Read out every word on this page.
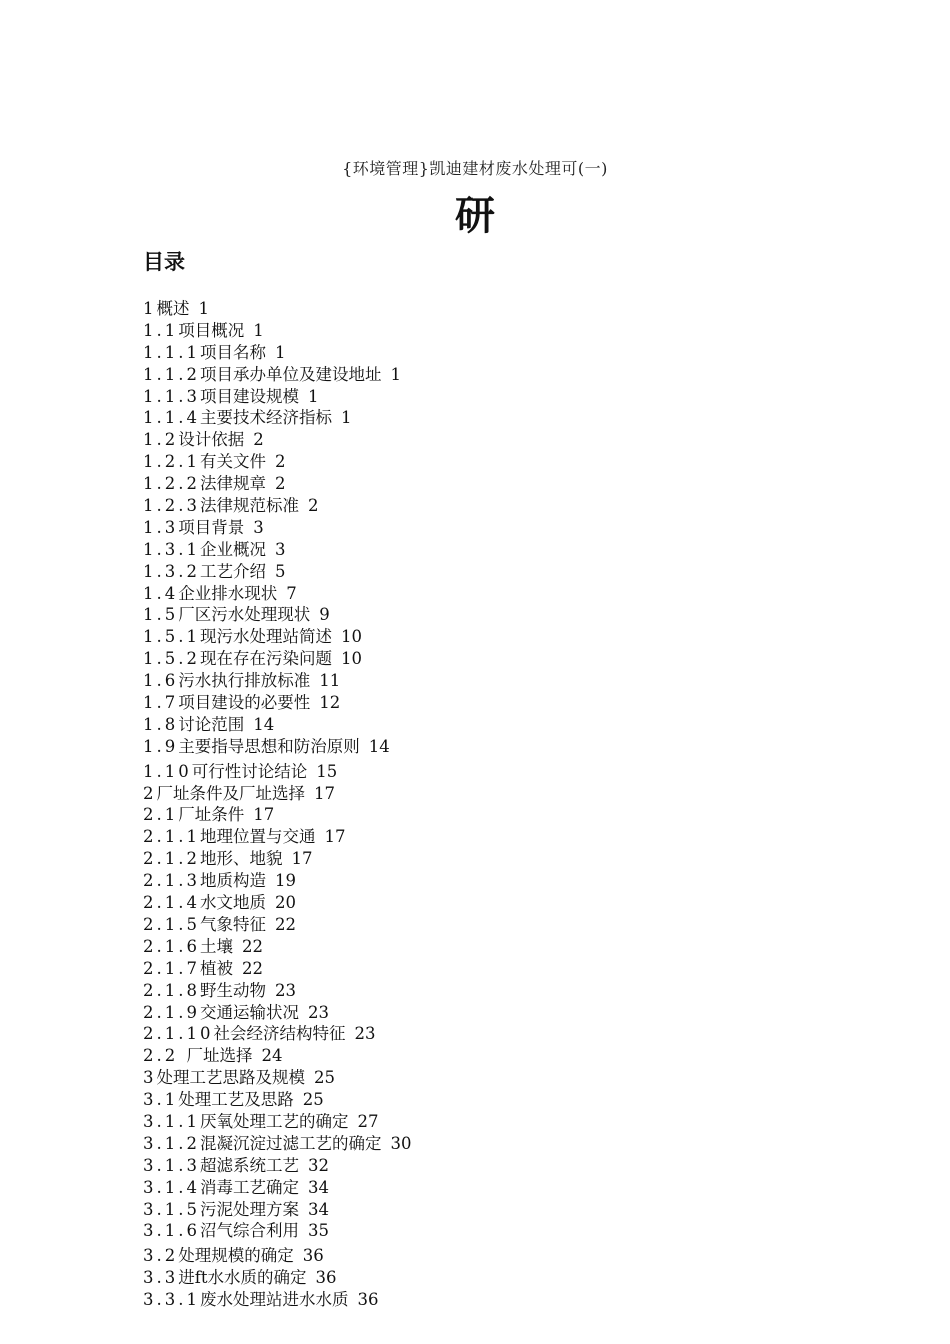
{环境管理}凯迪建材废水处理可(一)
研
目录
1概述 1
1.1项目概况 1
1.1.1项目名称 1
1.1.2项目承办单位及建设地址 1
1.1.3项目建设规模 1
1.1.4主要技术经济指标 1
1.2设计依据 2
1.2.1有关文件 2
1.2.2法律规章 2
1.2.3法律规范标准 2
1.3项目背景 3
1.3.1企业概况 3
1.3.2工艺介绍 5
1.4企业排水现状 7
1.5厂区污水处理现状 9
1.5.1现污水处理站简述 10
1.5.2现在存在污染问题 10
1.6污水执行排放标准 11
1.7项目建设的必要性 12
1.8讨论范围 14
1.9主要指导思想和防治原则 14
1.10可行性讨论结论 15
2厂址条件及厂址选择 17
2.1厂址条件 17
2.1.1地理位置与交通 17
2.1.2地形、地貌 17
2.1.3地质构造 19
2.1.4水文地质 20
2.1.5气象特征 22
2.1.6土壤 22
2.1.7植被 22
2.1.8野生动物 23
2.1.9交通运输状况 23
2.1.10社会经济结构特征 23
2.2 厂址选择 24
3处理工艺思路及规模 25
3.1处理工艺及思路 25
3.1.1厌氧处理工艺的确定 27
3.1.2混凝沉淀过滤工艺的确定 30
3.1.3超滤系统工艺 32
3.1.4消毒工艺确定 34
3.1.5污泥处理方案 34
3.1.6沼气综合利用 35
3.2处理规模的确定 36
3.3进ft水水质的确定 36
3.3.1废水处理站进水水质 36
